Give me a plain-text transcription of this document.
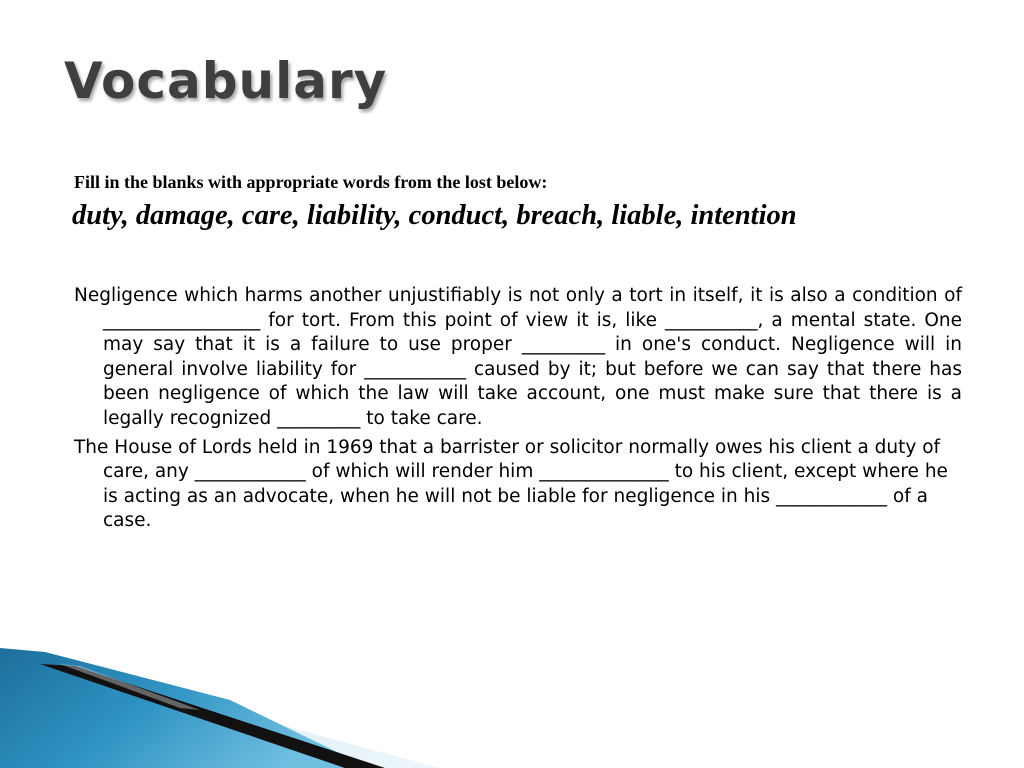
Vocabulary
Fill in the blanks with appropriate words from the lost below:
duty, damage, care, liability, conduct, breach, liable, intention

Negligence which harms another unjustifiably is not only a tort in itself, it is also a condition of _________________ for tort. From this point of view it is, like __________, a mental state. One may say that it is a failure to use proper _________ in one's conduct. Negligence will in general involve liability for ___________ caused by it; but before we can say that there has been negligence of which the law will take account, one must make sure that there is a legally recognized _________ to take care.

The House of Lords held in 1969 that a barrister or solicitor normally owes his client a duty of care, any ____________ of which will render him ______________ to his client, except where he is acting as an advocate, when he will not be liable for negligence in his ____________ of a case.
